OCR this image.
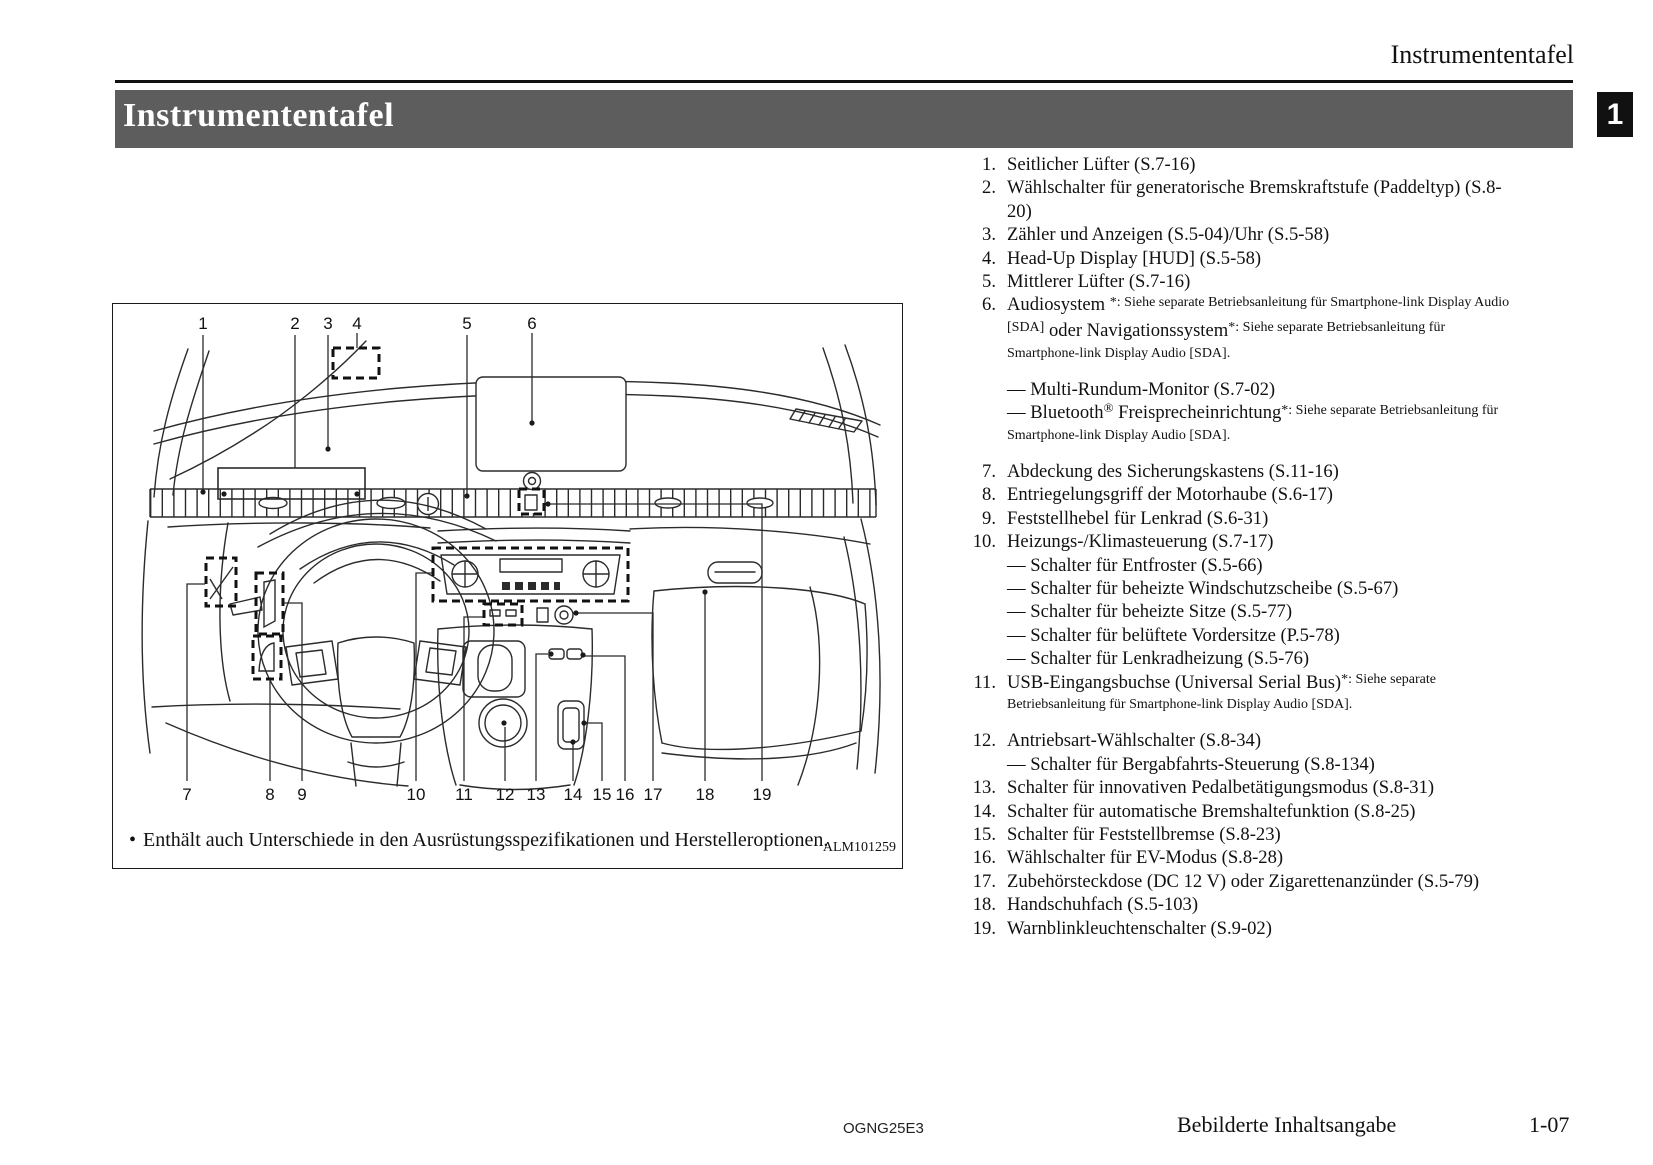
Instrumententafel
Instrumententafel	1
1	2 3 4	5	6
7	8 9	10 11 12 13 14 15 16 17 18 19
• Enthält auch Unterschiede in den Ausrüstungsspezifikationen und Herstelleroptionen.
ALM101259
1. Seitlicher Lüfter (S.7-16)
2. Wählschalter für generatorische Bremskraftstufe (Paddeltyp) (S.8-20)
3. Zähler und Anzeigen (S.5-04)/Uhr (S.5-58)
4. Head-Up Display [HUD] (S.5-58)
5. Mittlerer Lüfter (S.7-16)
6. Audiosystem $^{*: Siehe separate Betriebsanleitung für Smartphone-link Display Audio [SDA]}$ oder Navigationssystem$^{*: Siehe separate Betriebsanleitung für Smartphone-link Display Audio [SDA].}$
— Multi-Rundum-Monitor (S.7-02)
— Bluetooth® Freisprecheinrichtung$^{*: Siehe separate Betriebsanleitung für Smartphone-link Display Audio [SDA].}$
7. Abdeckung des Sicherungskastens (S.11-16)
8. Entriegelungsgriff der Motorhaube (S.6-17)
9. Feststellhebel für Lenkrad (S.6-31)
10. Heizungs-/Klimasteuerung (S.7-17)
— Schalter für Entfroster (S.5-66)
— Schalter für beheizte Windschutzscheibe (S.5-67)
— Schalter für beheizte Sitze (S.5-77)
— Schalter für belüftete Vordersitze (P.5-78)
— Schalter für Lenkradheizung (S.5-76)
11. USB-Eingangsbuchse (Universal Serial Bus)$^{*: Siehe separate Betriebsanleitung für Smartphone-link Display Audio [SDA].}$
12. Antriebsart-Wählschalter (S.8-34)
— Schalter für Bergabfahrts-Steuerung (S.8-134)
13. Schalter für innovativen Pedalbetätigungsmodus (S.8-31)
14. Schalter für automatische Bremshaltefunktion (S.8-25)
15. Schalter für Feststellbremse (S.8-23)
16. Wählschalter für EV-Modus (S.8-28)
17. Zubehörsteckdose (DC 12 V) oder Zigarettenanzünder (S.5-79)
18. Handschuhfach (S.5-103)
19. Warnblinkleuchtenschalter (S.9-02)
OGNG25E3	Bebilderte Inhaltsangabe	1-07
